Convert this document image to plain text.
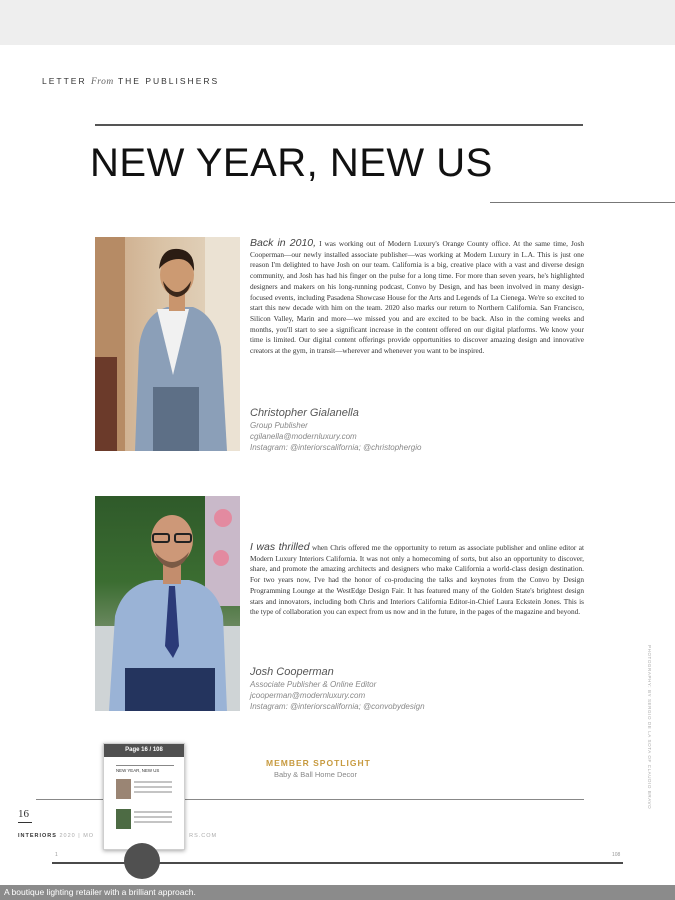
LETTER From THE PUBLISHERS
NEW YEAR, NEW US
Back in 2010, I was working out of Modern Luxury's Orange County office. At the same time, Josh Cooperman—our newly installed associate publisher—was working at Modern Luxury in L.A. This is just one reason I'm delighted to have Josh on our team. California is a big, creative place with a vast and diverse design community, and Josh has had his finger on the pulse for a long time. For more than seven years, he's highlighted designers and makers on his long-running podcast, Convo by Design, and has been involved in many design-focused events, including Pasadena Showcase House for the Arts and Legends of La Cienega. We're so excited to start this new decade with him on the team. 2020 also marks our return to Northern California. San Francisco, Silicon Valley, Marin and more—we missed you and are excited to be back. Also in the coming weeks and months, you'll start to see a significant increase in the content offered on our digital platforms. We know your time is limited. Our digital content offerings provide opportunities to discover amazing design and innovative creators at the gym, in transit—wherever and whenever you want to be inspired.
Christopher Gialanella
Group Publisher
cgilanella@modernluxury.com
Instagram: @interiorscalifornia; @christophergio
I was thrilled when Chris offered me the opportunity to return as associate publisher and online editor at Modern Luxury Interiors California. It was not only a homecoming of sorts, but also an opportunity to discover, share, and promote the amazing architects and designers who make California a world-class design destination. For two years now, I've had the honor of co-producing the talks and keynotes from the Convo by Design Programming Lounge at the WestEdge Design Fair. It has featured many of the Golden State's brightest design stars and innovators, including both Chris and Interiors California Editor-in-Chief Laura Eckstein Jones. This is the type of collaboration you can expect from us now and in the future, in the pages of the magazine and beyond.
Josh Cooperman
Associate Publisher & Online Editor
jcooperman@modernluxury.com
Instagram: @interiorscalifornia; @convobydesign
MEMBER SPOTLIGHT
Baby & Ball Home Decor	PHOTOGRAPHY: BY SERGIO DE LA SOTA OF CLAUDIO BRAVO
16
INTERIORS 2020 | MO	RS.COM
1	108
Page 16 / 108
NEW YEAR, NEW US
A boutique lighting retailer with a brilliant approach.
